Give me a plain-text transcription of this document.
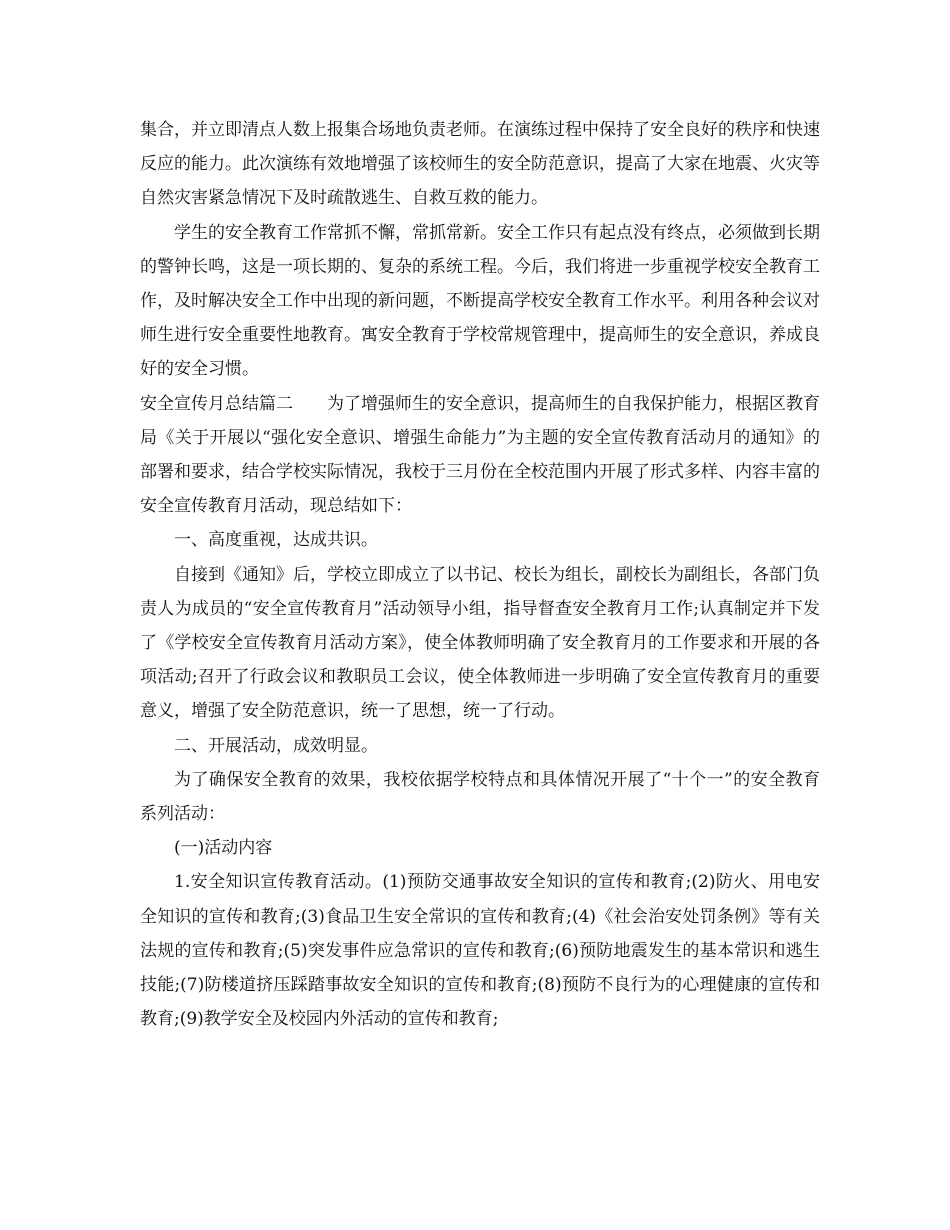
集合，并立即清点人数上报集合场地负责老师。在演练过程中保持了安全良好的秩序和快速反应的能力。此次演练有效地增强了该校师生的安全防范意识，提高了大家在地震、火灾等自然灾害紧急情况下及时疏散逃生、自救互救的能力。

学生的安全教育工作常抓不懈，常抓常新。安全工作只有起点没有终点，必须做到长期的警钟长鸣，这是一项长期的、复杂的系统工程。今后，我们将进一步重视学校安全教育工作，及时解决安全工作中出现的新问题，不断提高学校安全教育工作水平。利用各种会议对师生进行安全重要性地教育。寓安全教育于学校常规管理中，提高师生的安全意识，养成良好的安全习惯。

安全宣传月总结篇二　　为了增强师生的安全意识，提高师生的自我保护能力，根据区教育局《关于开展以“强化安全意识、增强生命能力”为主题的安全宣传教育活动月的通知》的部署和要求，结合学校实际情况，我校于三月份在全校范围内开展了形式多样、内容丰富的安全宣传教育月活动，现总结如下：

一、高度重视，达成共识。

自接到《通知》后，学校立即成立了以书记、校长为组长，副校长为副组长，各部门负责人为成员的“安全宣传教育月”活动领导小组，指导督查安全教育月工作;认真制定并下发了《学校安全宣传教育月活动方案》，使全体教师明确了安全教育月的工作要求和开展的各项活动;召开了行政会议和教职员工会议，使全体教师进一步明确了安全宣传教育月的重要意义，增强了安全防范意识，统一了思想，统一了行动。

二、开展活动，成效明显。

为了确保安全教育的效果，我校依据学校特点和具体情况开展了“十个一”的安全教育系列活动：

(一)活动内容

1.安全知识宣传教育活动。(1)预防交通事故安全知识的宣传和教育;(2)防火、用电安全知识的宣传和教育;(3)食品卫生安全常识的宣传和教育;(4)《社会治安处罚条例》等有关法规的宣传和教育;(5)突发事件应急常识的宣传和教育;(6)预防地震发生的基本常识和逃生技能;(7)防楼道挤压踩踏事故安全知识的宣传和教育;(8)预防不良行为的心理健康的宣传和教育;(9)教学安全及校园内外活动的宣传和教育;
